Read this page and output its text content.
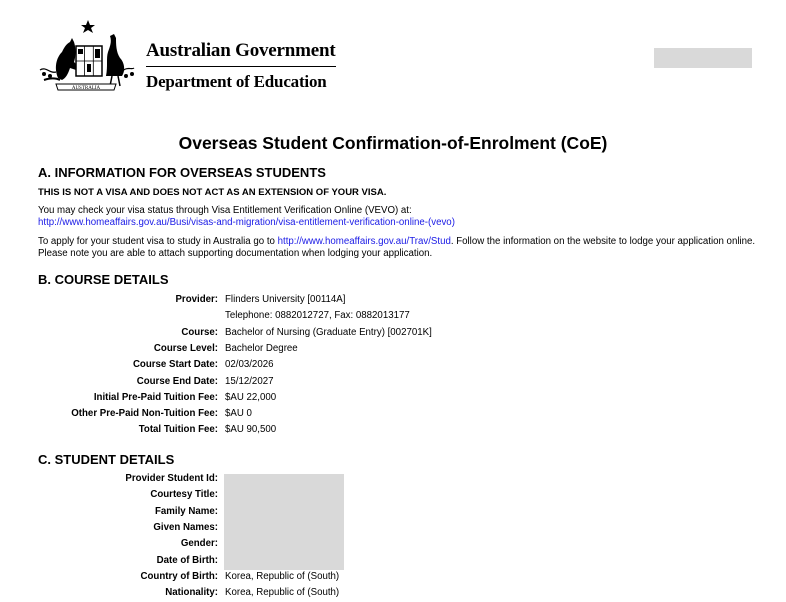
AUSTRALIA
Australian Government
Department of Education
Overseas Student Confirmation-of-Enrolment (CoE)
A. INFORMATION FOR OVERSEAS STUDENTS
THIS IS NOT A VISA AND DOES NOT ACT AS AN EXTENSION OF YOUR VISA.
You may check your visa status through Visa Entitlement Verification Online (VEVO) at:
http://www.homeaffairs.gov.au/Busi/visas-and-migration/visa-entitlement-verification-online-(vevo)
To apply for your student visa to study in Australia go to http://www.homeaffairs.gov.au/Trav/Stud. Follow the information on the website to lodge your application online. Please note you are able to attach supporting documentation when lodging your application.
B. COURSE DETAILS
Provider: Flinders University [00114A]
Telephone: 0882012727, Fax: 0882013177
Course: Bachelor of Nursing (Graduate Entry) [002701K]
Course Level: Bachelor Degree
Course Start Date: 02/03/2026
Course End Date: 15/12/2027
Initial Pre-Paid Tuition Fee: $AU 22,000
Other Pre-Paid Non-Tuition Fee: $AU 0
Total Tuition Fee: $AU 90,500
C. STUDENT DETAILS
Provider Student Id:
Courtesy Title:
Family Name:
Given Names:
Gender:
Date of Birth:
Country of Birth: Korea, Republic of (South)
Nationality: Korea, Republic of (South)
